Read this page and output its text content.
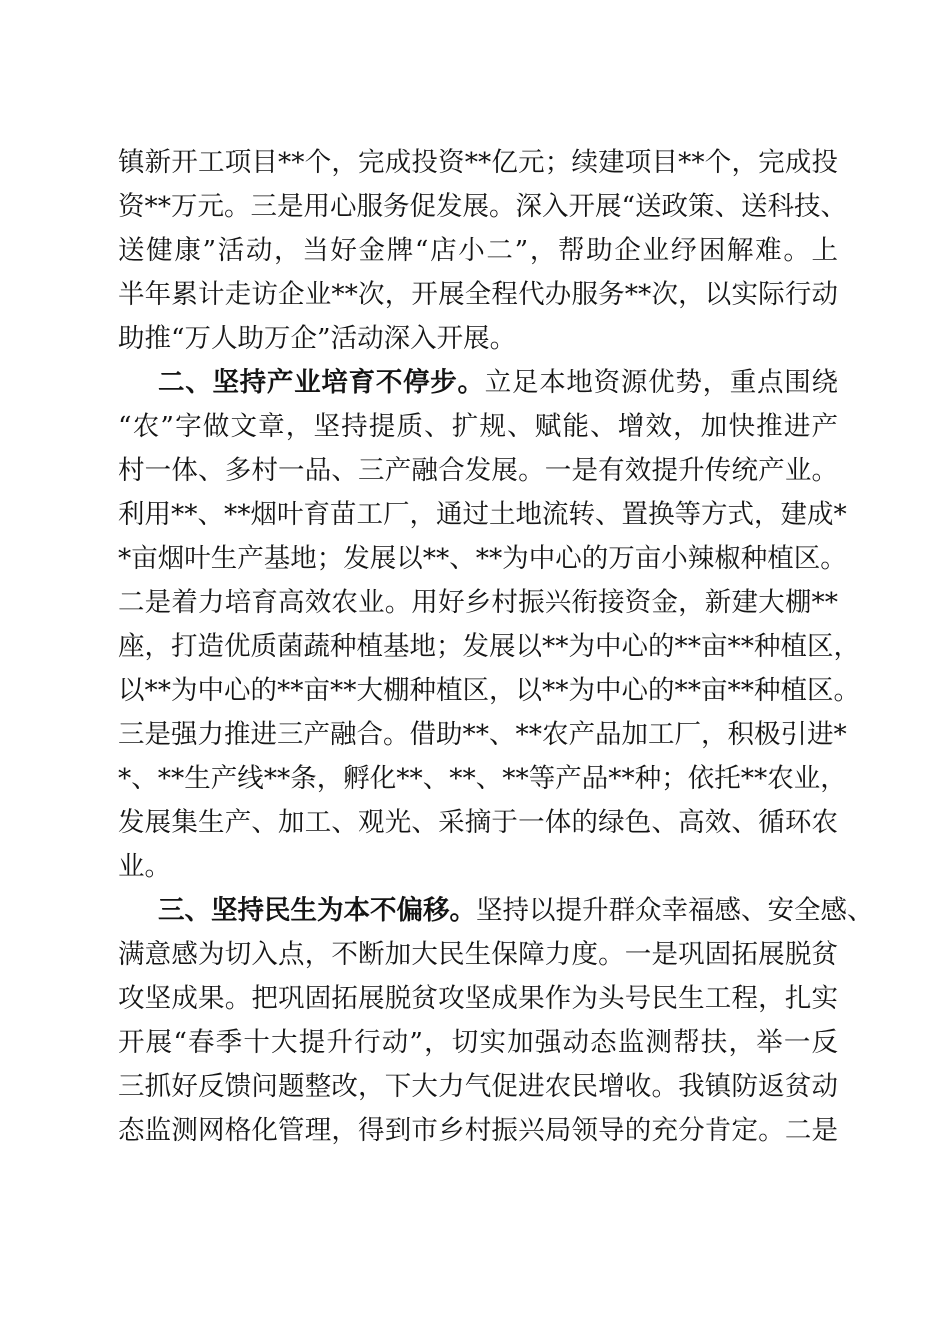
镇新开工项目**个，完成投资**亿元；续建项目**个，完成投
资**万元。三是用心服务促发展。深入开展“送政策、送科技、
送健康”活动，当好金牌“店小二”，帮助企业纾困解难。上
半年累计走访企业**次，开展全程代办服务**次，以实际行动
助推“万人助万企”活动深入开展。
二、坚持产业培育不停步。立足本地资源优势，重点围绕
“农”字做文章，坚持提质、扩规、赋能、增效，加快推进产
村一体、多村一品、三产融合发展。一是有效提升传统产业。
利用**、**烟叶育苗工厂，通过土地流转、置换等方式，建成*
*亩烟叶生产基地；发展以**、**为中心的万亩小辣椒种植区。
二是着力培育高效农业。用好乡村振兴衔接资金，新建大棚**
座，打造优质菌蔬种植基地；发展以**为中心的**亩**种植区，
以**为中心的**亩**大棚种植区，以**为中心的**亩**种植区。
三是强力推进三产融合。借助**、**农产品加工厂，积极引进*
*、**生产线**条，孵化**、**、**等产品**种；依托**农业，
发展集生产、加工、观光、采摘于一体的绿色、高效、循环农
业。
三、坚持民生为本不偏移。坚持以提升群众幸福感、安全感、
满意感为切入点，不断加大民生保障力度。一是巩固拓展脱贫
攻坚成果。把巩固拓展脱贫攻坚成果作为头号民生工程，扎实
开展“春季十大提升行动”，切实加强动态监测帮扶，举一反
三抓好反馈问题整改，下大力气促进农民增收。我镇防返贫动
态监测网格化管理，得到市乡村振兴局领导的充分肯定。二是
